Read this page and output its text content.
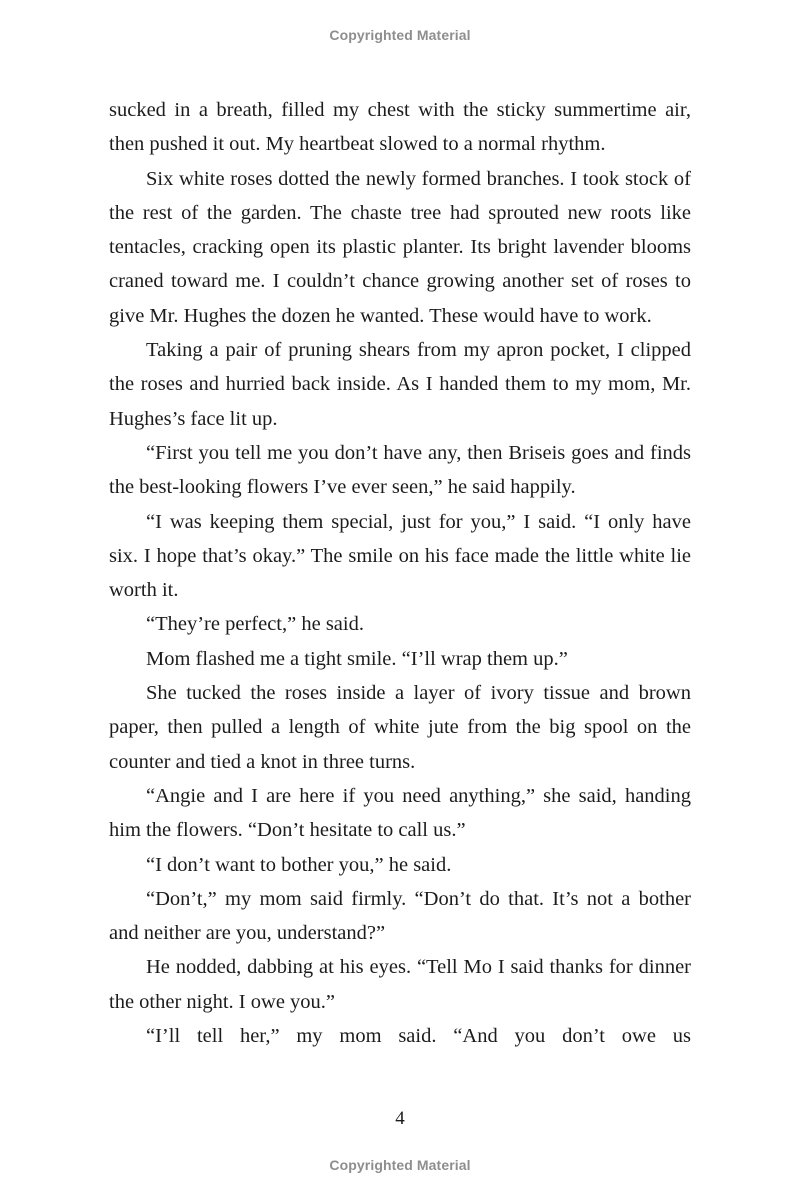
Copyrighted Material

sucked in a breath, filled my chest with the sticky summertime air, then pushed it out. My heartbeat slowed to a normal rhythm.

Six white roses dotted the newly formed branches. I took stock of the rest of the garden. The chaste tree had sprouted new roots like tentacles, cracking open its plastic planter. Its bright lavender blooms craned toward me. I couldn’t chance growing another set of roses to give Mr. Hughes the dozen he wanted. These would have to work.

Taking a pair of pruning shears from my apron pocket, I clipped the roses and hurried back inside. As I handed them to my mom, Mr. Hughes’s face lit up.

“First you tell me you don’t have any, then Briseis goes and finds the best-looking flowers I’ve ever seen,” he said happily.

“I was keeping them special, just for you,” I said. “I only have six. I hope that’s okay.” The smile on his face made the little white lie worth it.

“They’re perfect,” he said.

Mom flashed me a tight smile. “I’ll wrap them up.”

She tucked the roses inside a layer of ivory tissue and brown paper, then pulled a length of white jute from the big spool on the counter and tied a knot in three turns.

“Angie and I are here if you need anything,” she said, handing him the flowers. “Don’t hesitate to call us.”

“I don’t want to bother you,” he said.

“Don’t,” my mom said firmly. “Don’t do that. It’s not a bother and neither are you, understand?”

He nodded, dabbing at his eyes. “Tell Mo I said thanks for dinner the other night. I owe you.”

“I’ll tell her,” my mom said. “And you don’t owe us

4
Copyrighted Material
